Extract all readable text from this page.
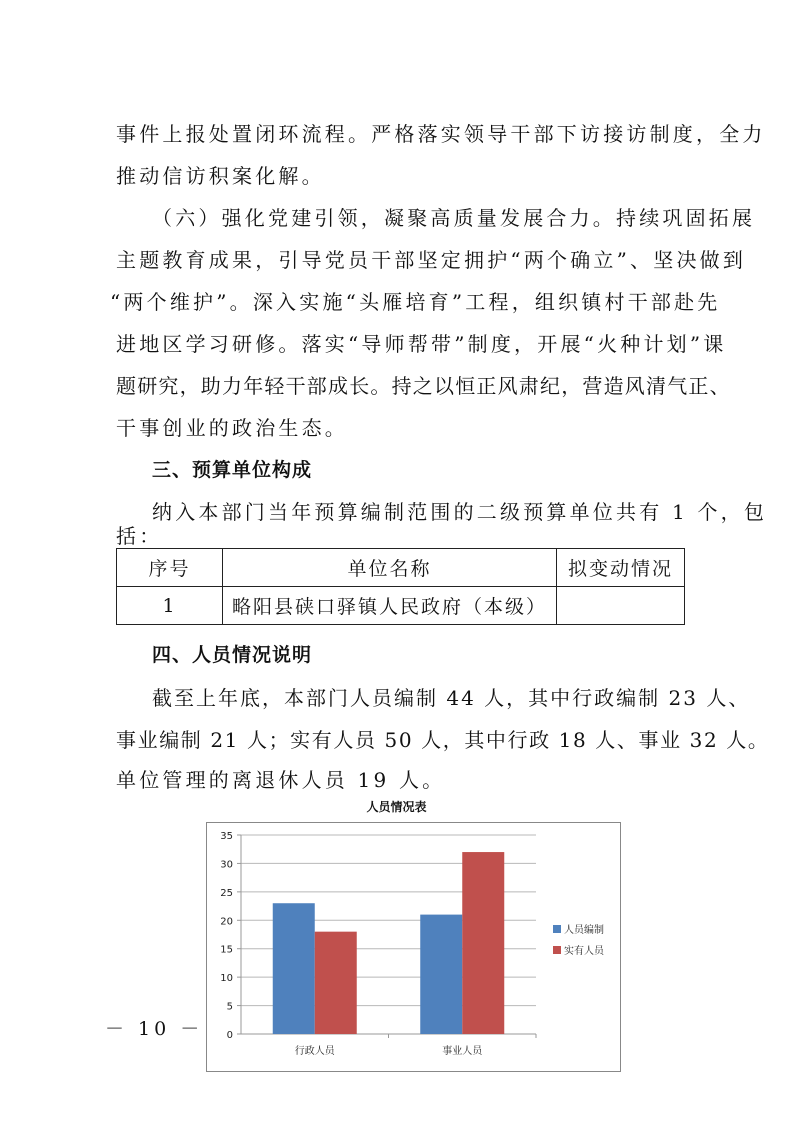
事件上报处置闭环流程。严格落实领导干部下访接访制度，全力
推动信访积案化解。
（六）强化党建引领，凝聚高质量发展合力。持续巩固拓展
主题教育成果，引导党员干部坚定拥护“两个确立”、坚决做到
“两个维护”。深入实施“头雁培育”工程，组织镇村干部赴先
进地区学习研修。落实“导师帮带”制度，开展“火种计划”课
题研究，助力年轻干部成长。持之以恒正风肃纪，营造风清气正、
干事创业的政治生态。
三、预算单位构成
纳入本部门当年预算编制范围的二级预算单位共有 1 个，包
括：
序号	单位名称	拟变动情况
1	略阳县硖口驿镇人民政府（本级）	
四、人员情况说明
截至上年底，本部门人员编制 44 人，其中行政编制 23 人、
事业编制 21 人；实有人员 50 人，其中行政 18 人、事业 32 人。
单位管理的离退休人员 19 人。
人员情况表
0
5
10
15
20
25
30
35
行政人员	事业人员
人员编制
实有人员
－ 10 －
